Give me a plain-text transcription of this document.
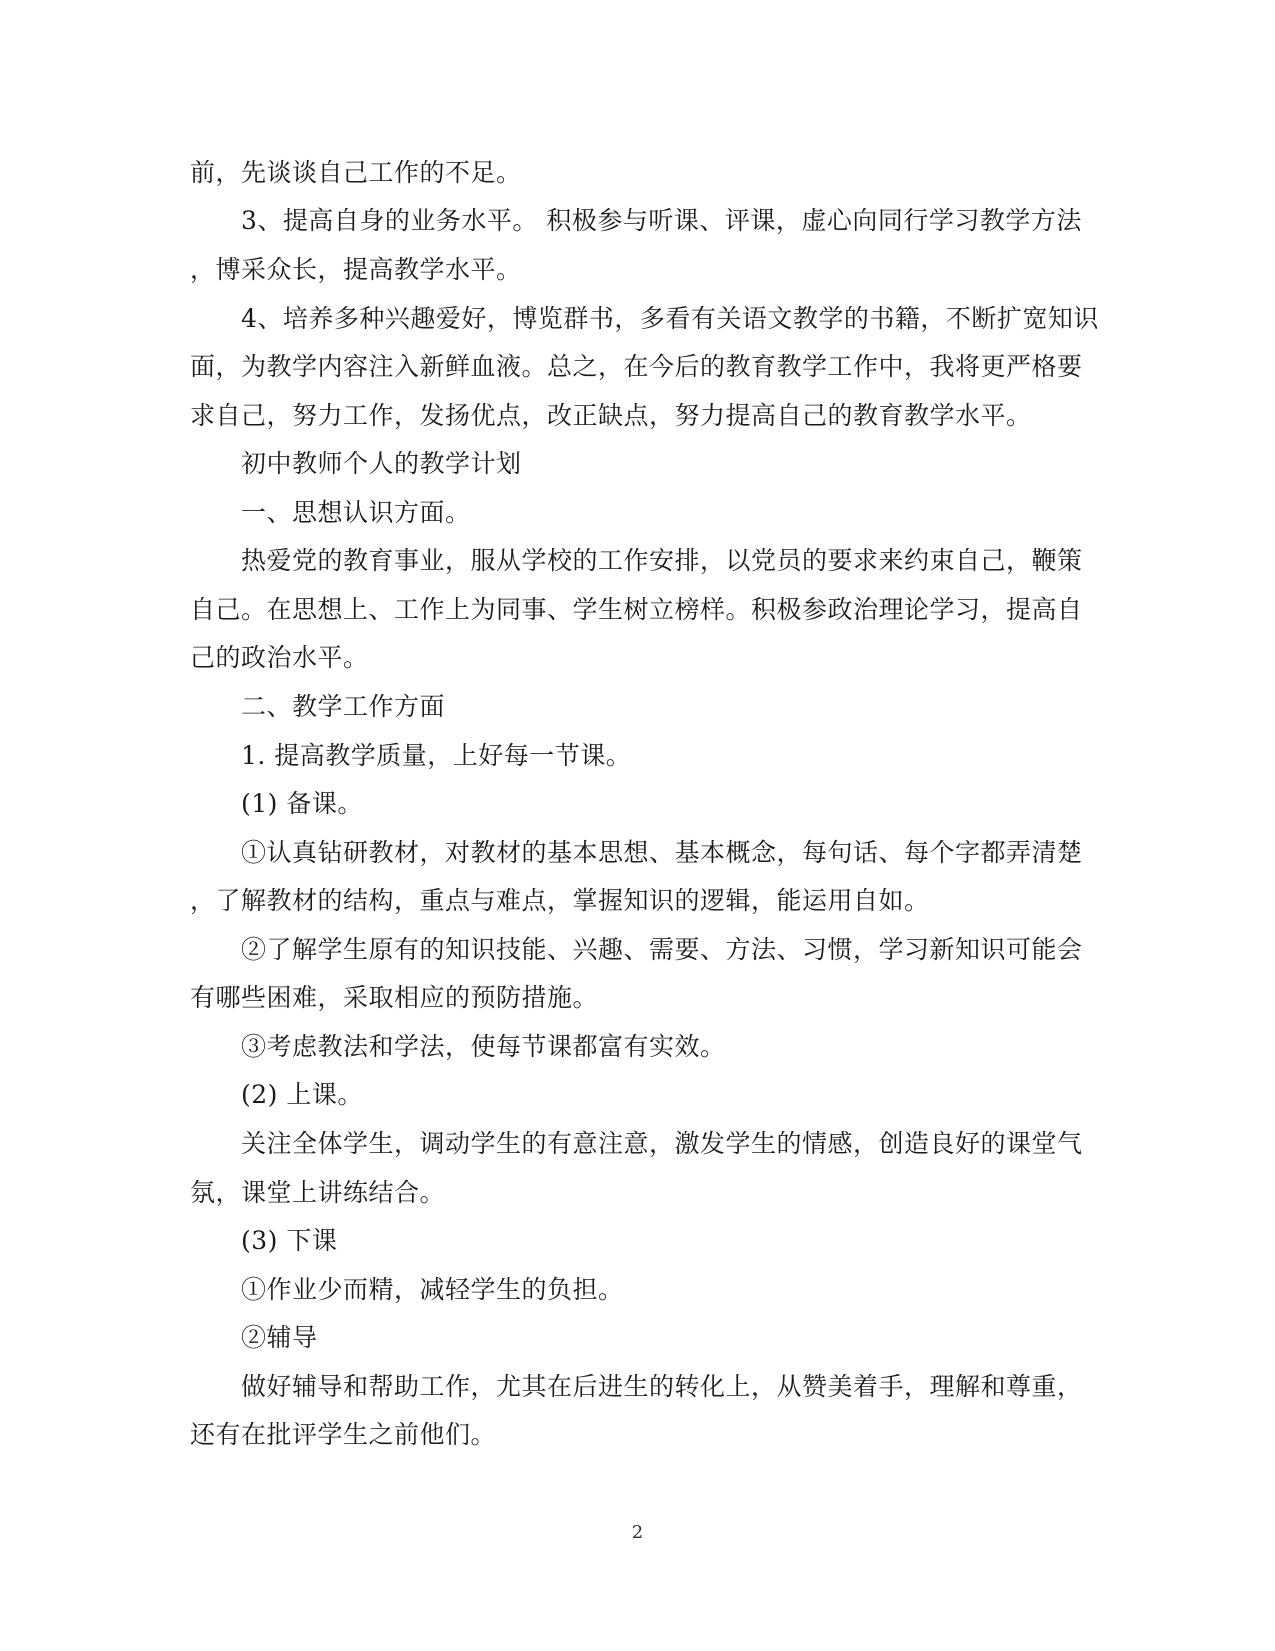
前，先谈谈自己工作的不足。
3、提高自身的业务水平。 积极参与听课、评课，虚心向同行学习教学方法
，博采众长，提高教学水平。
4、培养多种兴趣爱好，博览群书，多看有关语文教学的书籍，不断扩宽知识
面，为教学内容注入新鲜血液。总之，在今后的教育教学工作中，我将更严格要
求自己，努力工作，发扬优点，改正缺点，努力提高自己的教育教学水平。
初中教师个人的教学计划
一、思想认识方面。
热爱党的教育事业，服从学校的工作安排，以党员的要求来约束自己，鞭策
自己。在思想上、工作上为同事、学生树立榜样。积极参政治理论学习，提高自
己的政治水平。
二、教学工作方面
1. 提高教学质量，上好每一节课。
(1) 备课。
①认真钻研教材，对教材的基本思想、基本概念，每句话、每个字都弄清楚
，了解教材的结构，重点与难点，掌握知识的逻辑，能运用自如。
②了解学生原有的知识技能、兴趣、需要、方法、习惯，学习新知识可能会
有哪些困难，采取相应的预防措施。
③考虑教法和学法，使每节课都富有实效。
(2) 上课。
关注全体学生，调动学生的有意注意，激发学生的情感，创造良好的课堂气
氛，课堂上讲练结合。
(3) 下课
①作业少而精，减轻学生的负担。
②辅导
做好辅导和帮助工作，尤其在后进生的转化上，从赞美着手，理解和尊重，
还有在批评学生之前他们。
2
